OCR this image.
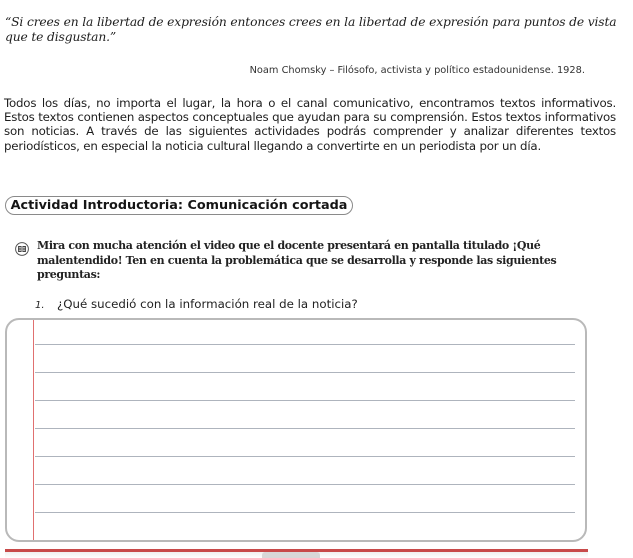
“Si crees en la libertad de expresión entonces crees en la libertad de expresión para puntos de vista que te disgustan.”
Noam Chomsky – Filósofo, activista y político estadounidense. 1928.
Todos los días, no importa el lugar, la hora o el canal comunicativo, encontramos textos informativos. Estos textos contienen aspectos conceptuales que ayudan para su comprensión. Estos textos informativos son noticias. A través de las siguientes actividades podrás comprender y analizar diferentes textos periodísticos, en especial la noticia cultural llegando a convertirte en un periodista por un día.
Actividad Introductoria: Comunicación cortada
Mira con mucha atención el video que el docente presentará en pantalla titulado ¡Qué malentendido! Ten en cuenta la problemática que se desarrolla y responde las siguientes preguntas:
1. ¿Qué sucedió con la información real de la noticia?
